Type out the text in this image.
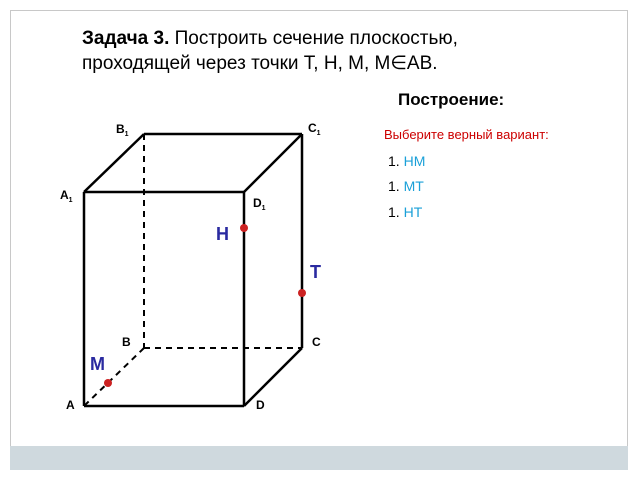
Задача 3. Построить сечение плоскостью,
проходящей через точки Т, Н, М, М∈АВ.
Построение:
Выберите верный вариант:
1. НМ
1. МТ
1. НТ
$B_1$	$C_1$
$A_1$	$D_1$
B	C
A	D
H
T
M
